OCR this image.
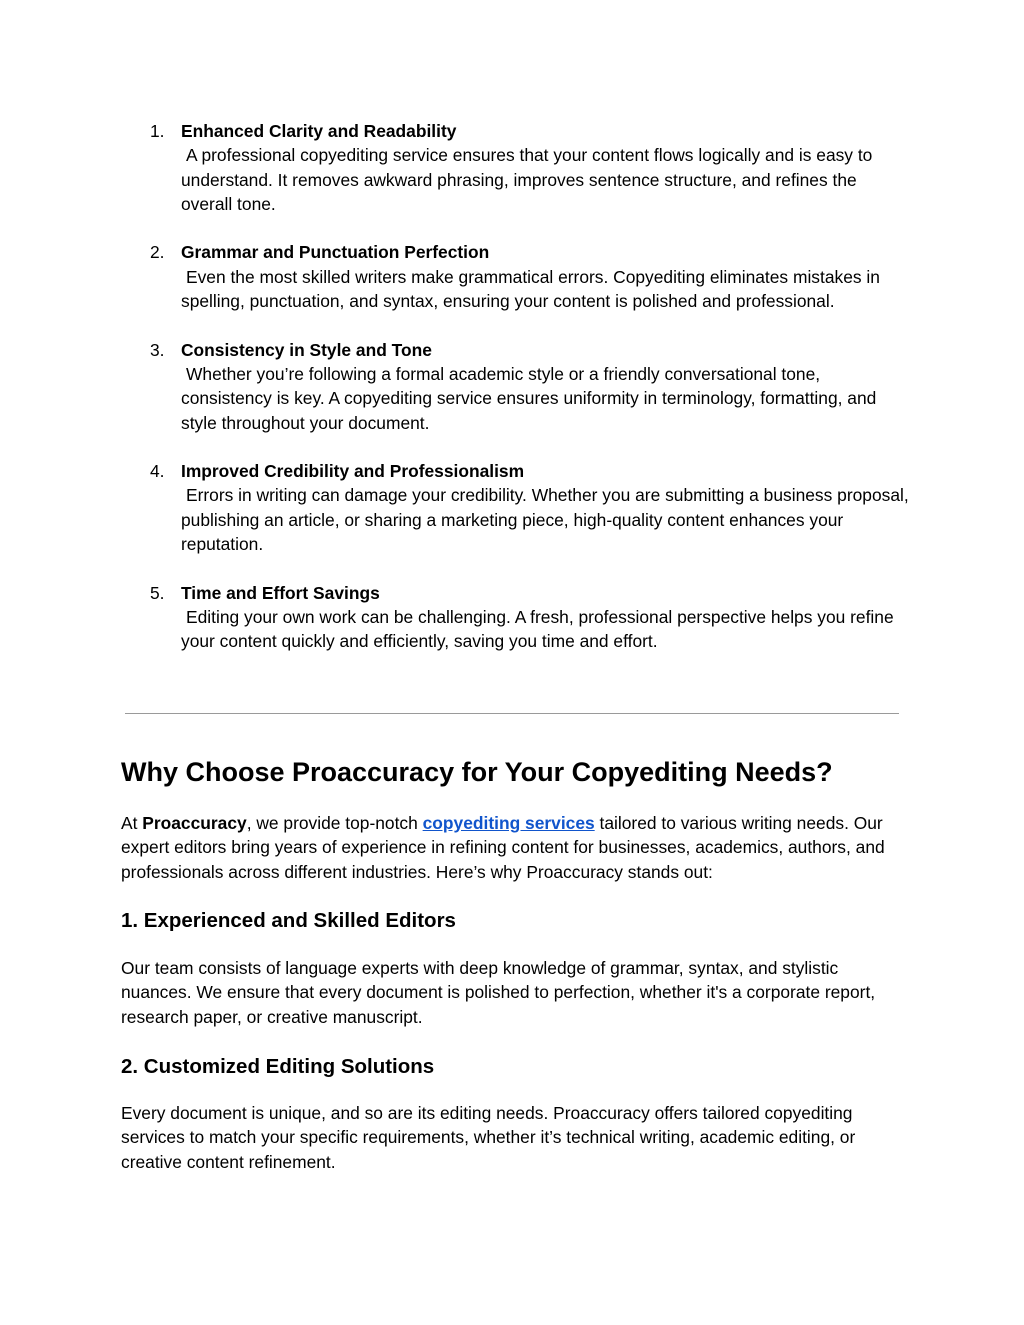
1. Enhanced Clarity and Readability
A professional copyediting service ensures that your content flows logically and is easy to understand. It removes awkward phrasing, improves sentence structure, and refines the overall tone.
2. Grammar and Punctuation Perfection
Even the most skilled writers make grammatical errors. Copyediting eliminates mistakes in spelling, punctuation, and syntax, ensuring your content is polished and professional.
3. Consistency in Style and Tone
Whether you’re following a formal academic style or a friendly conversational tone, consistency is key. A copyediting service ensures uniformity in terminology, formatting, and style throughout your document.
4. Improved Credibility and Professionalism
Errors in writing can damage your credibility. Whether you are submitting a business proposal, publishing an article, or sharing a marketing piece, high-quality content enhances your reputation.
5. Time and Effort Savings
Editing your own work can be challenging. A fresh, professional perspective helps you refine your content quickly and efficiently, saving you time and effort.
Why Choose Proaccuracy for Your Copyediting Needs?

At Proaccuracy, we provide top-notch copyediting services tailored to various writing needs. Our expert editors bring years of experience in refining content for businesses, academics, authors, and professionals across different industries. Here’s why Proaccuracy stands out:

1. Experienced and Skilled Editors

Our team consists of language experts with deep knowledge of grammar, syntax, and stylistic nuances. We ensure that every document is polished to perfection, whether it's a corporate report, research paper, or creative manuscript.

2. Customized Editing Solutions

Every document is unique, and so are its editing needs. Proaccuracy offers tailored copyediting services to match your specific requirements, whether it’s technical writing, academic editing, or creative content refinement.
